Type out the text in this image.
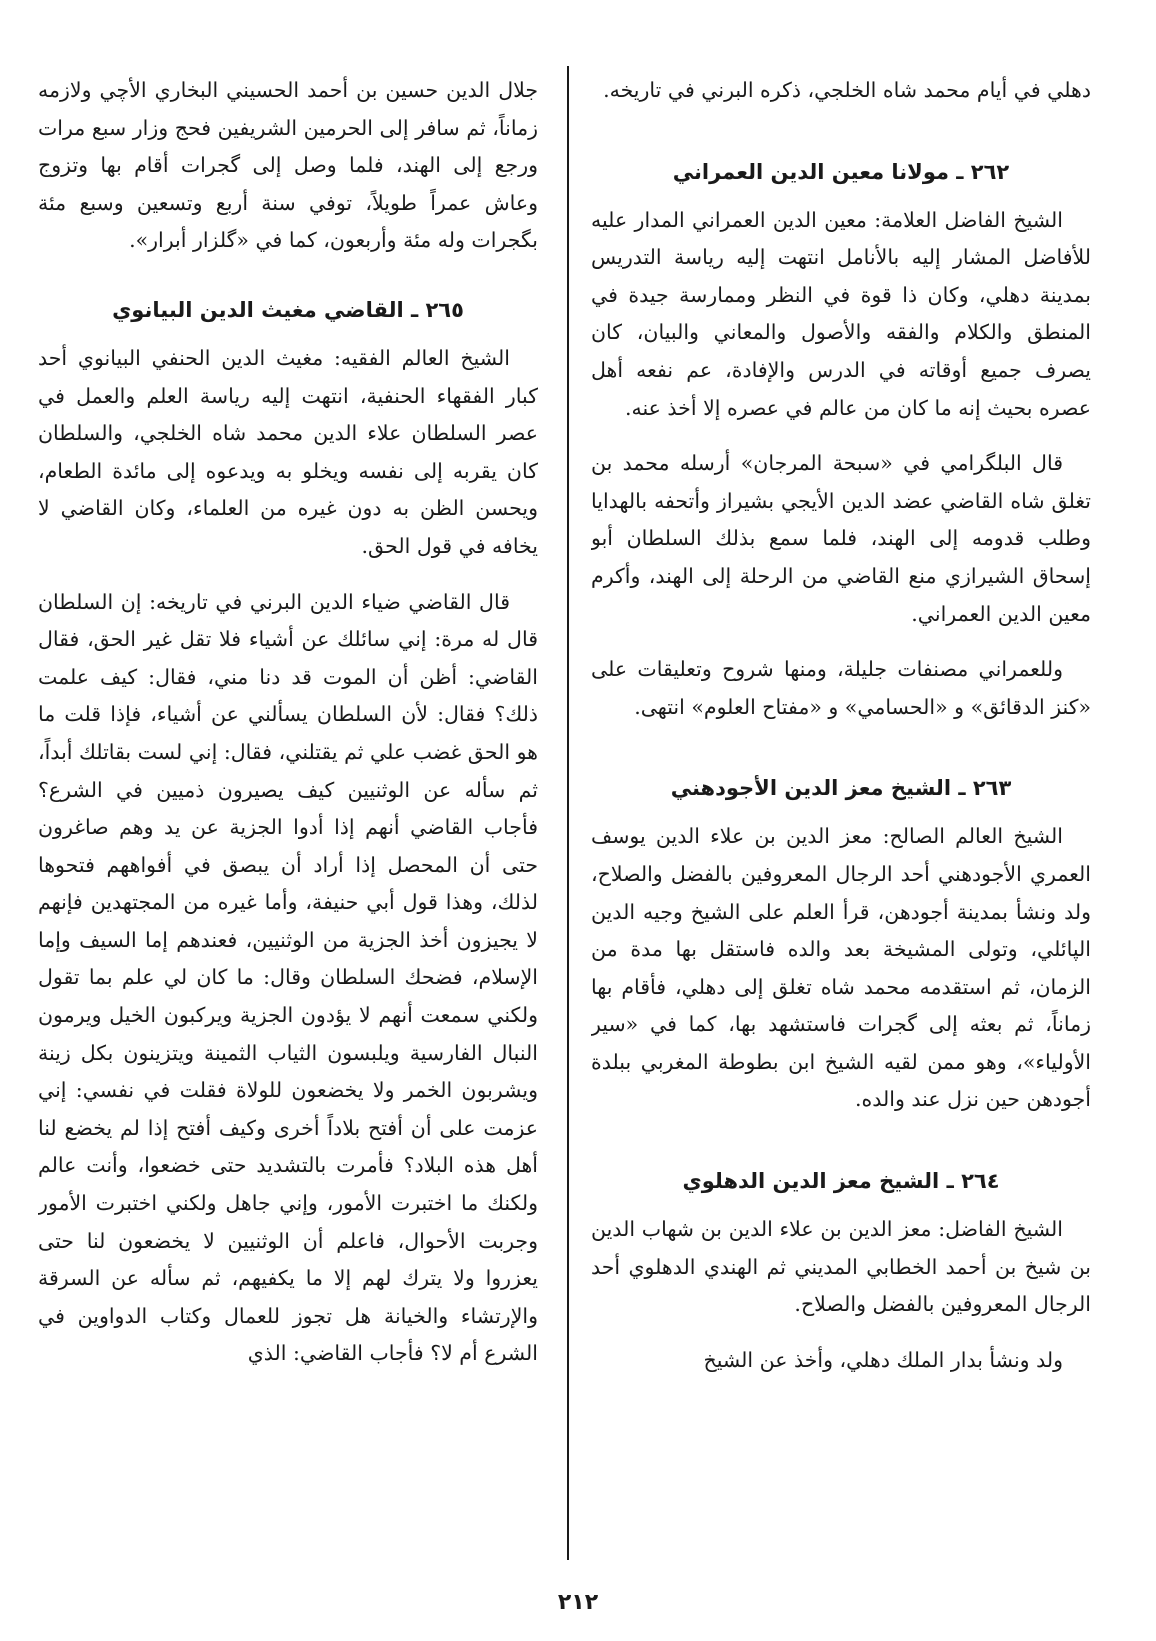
دهلي في أيام محمد شاه الخلجي، ذكره البرني في تاريخه.

٢٦٢ ـ مولانا معين الدين العمراني

الشيخ الفاضل العلامة: معين الدين العمراني المدار عليه للأفاضل المشار إليه بالأنامل انتهت إليه رياسة التدريس بمدينة دهلي، وكان ذا قوة في النظر وممارسة جيدة في المنطق والكلام والفقه والأصول والمعاني والبيان، كان يصرف جميع أوقاته في الدرس والإفادة، عم نفعه أهل عصره بحيث إنه ما كان من عالم في عصره إلا أخذ عنه.

قال البلگرامي في «سبحة المرجان» أرسله محمد بن تغلق شاه القاضي عضد الدين الأيجي بشيراز وأتحفه بالهدايا وطلب قدومه إلى الهند، فلما سمع بذلك السلطان أبو إسحاق الشيرازي منع القاضي من الرحلة إلى الهند، وأكرم معين الدين العمراني.

وللعمراني مصنفات جليلة، ومنها شروح وتعليقات على «كنز الدقائق» و «الحسامي» و «مفتاح العلوم» انتهى.

٢٦٣ ـ الشيخ معز الدين الأجودهني

الشيخ العالم الصالح: معز الدين بن علاء الدين يوسف العمري الأجودهني أحد الرجال المعروفين بالفضل والصلاح، ولد ونشأ بمدينة أجودهن، قرأ العلم على الشيخ وجيه الدين الپائلي، وتولى المشيخة بعد والده فاستقل بها مدة من الزمان، ثم استقدمه محمد شاه تغلق إلى دهلي، فأقام بها زماناً، ثم بعثه إلى گجرات فاستشهد بها، كما في «سير الأولياء»، وهو ممن لقيه الشيخ ابن بطوطة المغربي ببلدة أجودهن حين نزل عند والده.

٢٦٤ ـ الشيخ معز الدين الدهلوي

الشيخ الفاضل: معز الدين بن علاء الدين بن شهاب الدين بن شيخ بن أحمد الخطابي المديني ثم الهندي الدهلوي أحد الرجال المعروفين بالفضل والصلاح.

ولد ونشأ بدار الملك دهلي، وأخذ عن الشيخ

جلال الدين حسين بن أحمد الحسيني البخاري الأچي ولازمه زماناً، ثم سافر إلى الحرمين الشريفين فحج وزار سبع مرات ورجع إلى الهند، فلما وصل إلى گجرات أقام بها وتزوج وعاش عمراً طويلاً، توفي سنة أربع وتسعين وسبع مئة بگجرات وله مئة وأربعون، كما في «گلزار أبرار».

٢٦٥ ـ القاضي مغيث الدين البيانوي

الشيخ العالم الفقيه: مغيث الدين الحنفي البيانوي أحد كبار الفقهاء الحنفية، انتهت إليه رياسة العلم والعمل في عصر السلطان علاء الدين محمد شاه الخلجي، والسلطان كان يقربه إلى نفسه ويخلو به ويدعوه إلى مائدة الطعام، ويحسن الظن به دون غيره من العلماء، وكان القاضي لا يخافه في قول الحق.

قال القاضي ضياء الدين البرني في تاريخه: إن السلطان قال له مرة: إني سائلك عن أشياء فلا تقل غير الحق، فقال القاضي: أظن أن الموت قد دنا مني، فقال: كيف علمت ذلك؟ فقال: لأن السلطان يسألني عن أشياء، فإذا قلت ما هو الحق غضب علي ثم يقتلني، فقال: إني لست بقاتلك أبداً، ثم سأله عن الوثنيين كيف يصيرون ذميين في الشرع؟ فأجاب القاضي أنهم إذا أدوا الجزية عن يد وهم صاغرون حتى أن المحصل إذا أراد أن يبصق في أفواههم فتحوها لذلك، وهذا قول أبي حنيفة، وأما غيره من المجتهدين فإنهم لا يجيزون أخذ الجزية من الوثنيين، فعندهم إما السيف وإما الإسلام، فضحك السلطان وقال: ما كان لي علم بما تقول ولكني سمعت أنهم لا يؤدون الجزية ويركبون الخيل ويرمون النبال الفارسية ويلبسون الثياب الثمينة ويتزينون بكل زينة ويشربون الخمر ولا يخضعون للولاة فقلت في نفسي: إني عزمت على أن أفتح بلاداً أخرى وكيف أفتح إذا لم يخضع لنا أهل هذه البلاد؟ فأمرت بالتشديد حتى خضعوا، وأنت عالم ولكنك ما اختبرت الأمور، وإني جاهل ولكني اختبرت الأمور وجربت الأحوال، فاعلم أن الوثنيين لا يخضعون لنا حتى يعزروا ولا يترك لهم إلا ما يكفيهم، ثم سأله عن السرقة والإرتشاء والخيانة هل تجوز للعمال وكتاب الدواوين في الشرع أم لا؟ فأجاب القاضي: الذي

٢١٢
